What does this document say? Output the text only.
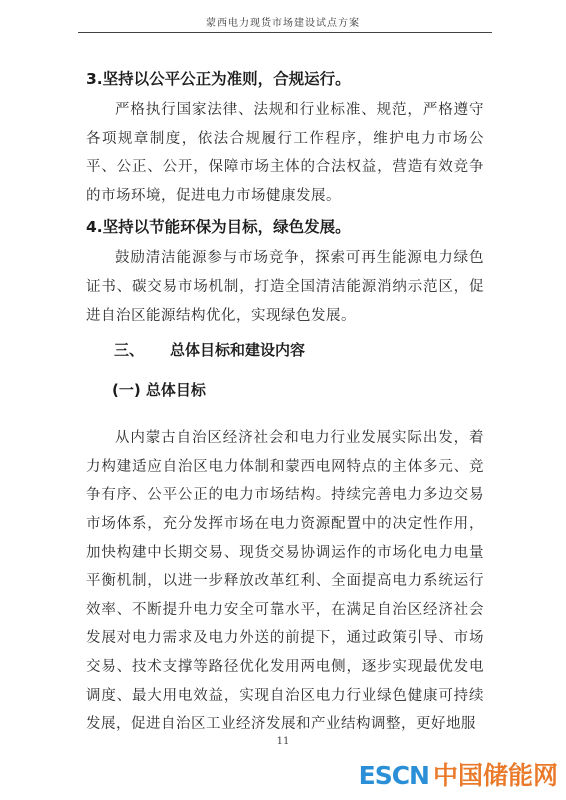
蒙西电力现货市场建设试点方案

3.坚持以公平公正为准则，合规运行。

严格执行国家法律、法规和行业标准、规范，严格遵守各项规章制度，依法合规履行工作程序，维护电力市场公平、公正、公开，保障市场主体的合法权益，营造有效竞争的市场环境，促进电力市场健康发展。

4.坚持以节能环保为目标，绿色发展。

鼓励清洁能源参与市场竞争，探索可再生能源电力绿色证书、碳交易市场机制，打造全国清洁能源消纳示范区，促进自治区能源结构优化，实现绿色发展。

三、 总体目标和建设内容
(一) 总体目标

从内蒙古自治区经济社会和电力行业发展实际出发，着力构建适应自治区电力体制和蒙西电网特点的主体多元、竞争有序、公平公正的电力市场结构。持续完善电力多边交易市场体系，充分发挥市场在电力资源配置中的决定性作用，加快构建中长期交易、现货交易协调运作的市场化电力电量平衡机制，以进一步释放改革红利、全面提高电力系统运行效率、不断提升电力安全可靠水平，在满足自治区经济社会发展对电力需求及电力外送的前提下，通过政策引导、市场交易、技术支撑等路径优化发用两电侧，逐步实现最优发电调度、最大用电效益，实现自治区电力行业绿色健康可持续发展，促进自治区工业经济发展和产业结构调整，更好地服

11
ESCN 中国储能网
